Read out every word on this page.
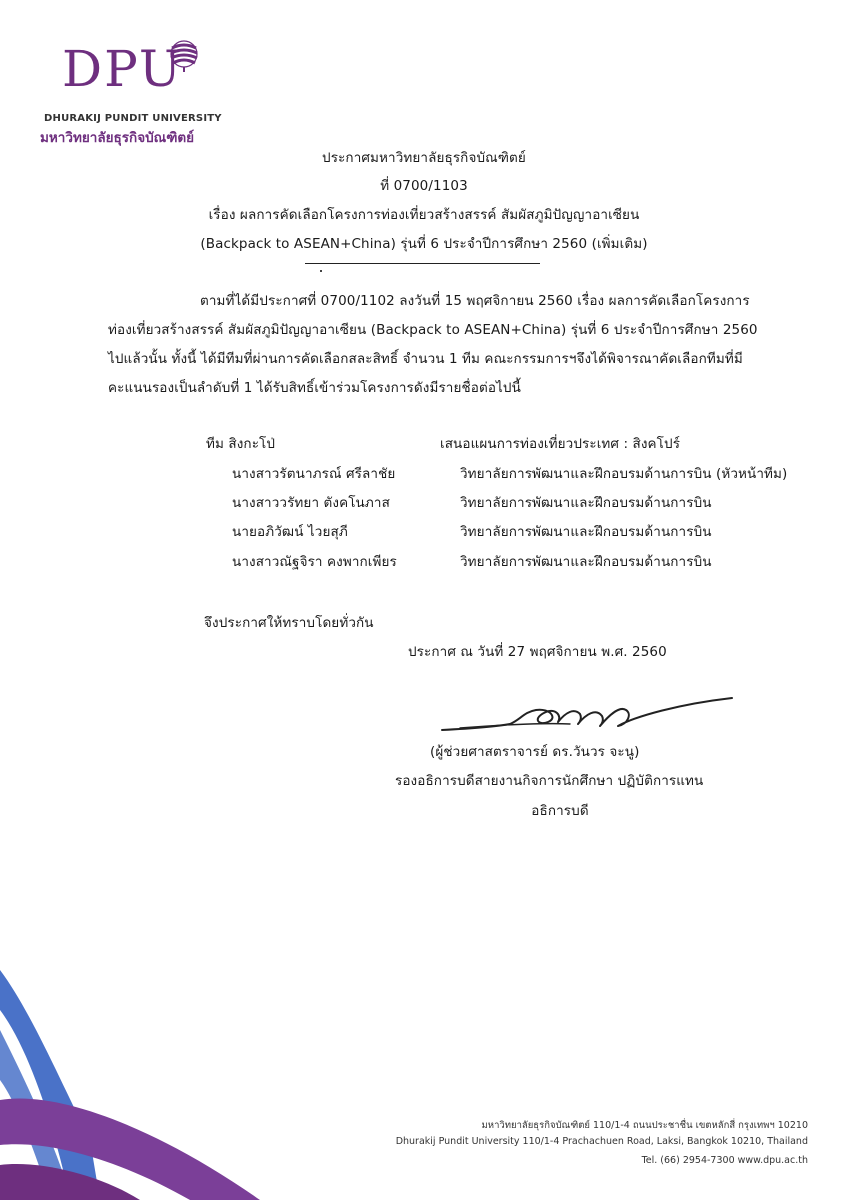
DPU
DHURAKIJ PUNDIT UNIVERSITY
มหาวิทยาลัยธุรกิจบัณฑิตย์
ประกาศมหาวิทยาลัยธุรกิจบัณฑิตย์
ที่ 0700/1103
เรื่อง ผลการคัดเลือกโครงการท่องเที่ยวสร้างสรรค์ สัมผัสภูมิปัญญาอาเซียน
(Backpack to ASEAN+China) รุ่นที่ 6 ประจำปีการศึกษา 2560 (เพิ่มเติม)
ตามที่ได้มีประกาศที่ 0700/1102 ลงวันที่ 15 พฤศจิกายน 2560 เรื่อง ผลการคัดเลือกโครงการ
ท่องเที่ยวสร้างสรรค์ สัมผัสภูมิปัญญาอาเซียน (Backpack to ASEAN+China) รุ่นที่ 6 ประจำปีการศึกษา 2560
ไปแล้วนั้น ทั้งนี้ ได้มีทีมที่ผ่านการคัดเลือกสละสิทธิ์ จำนวน 1 ทีม คณะกรรมการฯจึงได้พิจารณาคัดเลือกทีมที่มี
คะแนนรองเป็นลำดับที่ 1 ได้รับสิทธิ์เข้าร่วมโครงการดังมีรายชื่อต่อไปนี้
ทีม สิงกะโป่	เสนอแผนการท่องเที่ยวประเทศ : สิงคโปร์
นางสาวรัตนาภรณ์ ศรีลาชัย	วิทยาลัยการพัฒนาและฝึกอบรมด้านการบิน (หัวหน้าทีม)
นางสาววรัทยา ตังคโนภาส	วิทยาลัยการพัฒนาและฝึกอบรมด้านการบิน
นายอภิวัฒน์ ไวยสุภี	วิทยาลัยการพัฒนาและฝึกอบรมด้านการบิน
นางสาวณัฐจิรา คงพากเพียร	วิทยาลัยการพัฒนาและฝึกอบรมด้านการบิน
จึงประกาศให้ทราบโดยทั่วกัน
ประกาศ ณ วันที่ 27 พฤศจิกายน พ.ศ. 2560
(ผู้ช่วยศาสตราจารย์ ดร.วันวร จะนู)
รองอธิการบดีสายงานกิจการนักศึกษา ปฏิบัติการแทน
อธิการบดี
มหาวิทยาลัยธุรกิจบัณฑิตย์ 110/1-4 ถนนประชาชื่น เขตหลักสี่ กรุงเทพฯ 10210
Dhurakij Pundit University 110/1-4 Prachachuen Road, Laksi, Bangkok 10210, Thailand
Tel. (66) 2954-7300 www.dpu.ac.th
